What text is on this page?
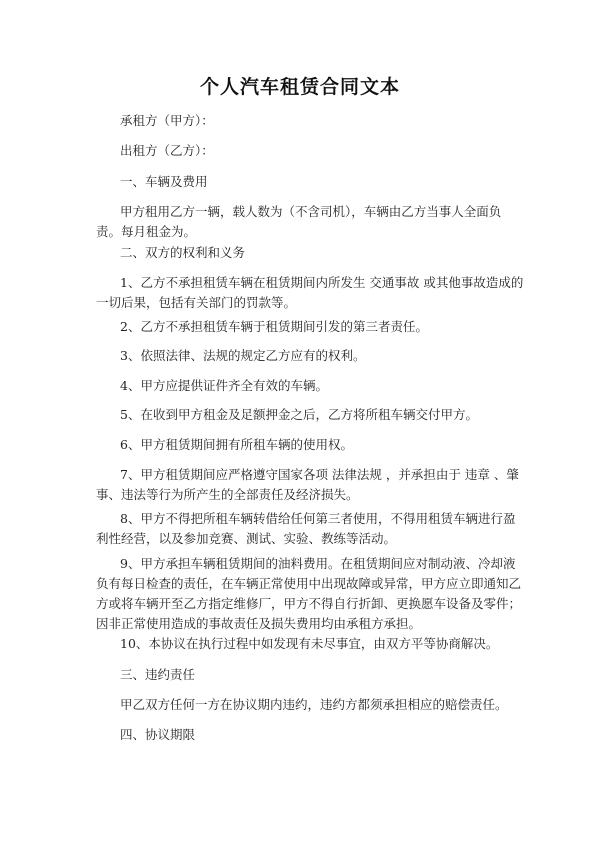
个人汽车租赁合同文本

承租方（甲方）：

出租方（乙方）：

一、车辆及费用

甲方租用乙方一辆，载人数为（不含司机），车辆由乙方当事人全面负责。每月租金为。

二、双方的权利和义务

1、乙方不承担租赁车辆在租赁期间内所发生 交通事故 或其他事故造成的一切后果，包括有关部门的罚款等。

2、乙方不承担租赁车辆于租赁期间引发的第三者责任。

3、依照法律、法规的规定乙方应有的权利。

4、甲方应提供证件齐全有效的车辆。

5、在收到甲方租金及足额押金之后，乙方将所租车辆交付甲方。

6、甲方租赁期间拥有所租车辆的使用权。

7、甲方租赁期间应严格遵守国家各项 法律法规 ，并承担由于 违章 、肇事、违法等行为所产生的全部责任及经济损失。

8、甲方不得把所租车辆转借给任何第三者使用，不得用租赁车辆进行盈利性经营，以及参加竞赛、测试、实验、教练等活动。

9、甲方承担车辆租赁期间的油料费用。在租赁期间应对制动液、冷却液负有每日检查的责任，在车辆正常使用中出现故障或异常，甲方应立即通知乙方或将车辆开至乙方指定维修厂，甲方不得自行折卸、更换愿车设备及零件；因非正常使用造成的事故责任及损失费用均由承租方承担。

10、本协议在执行过程中如发现有未尽事宜，由双方平等协商解决。

三、违约责任

甲乙双方任何一方在协议期内违约，违约方都须承担相应的赔偿责任。

四、协议期限
